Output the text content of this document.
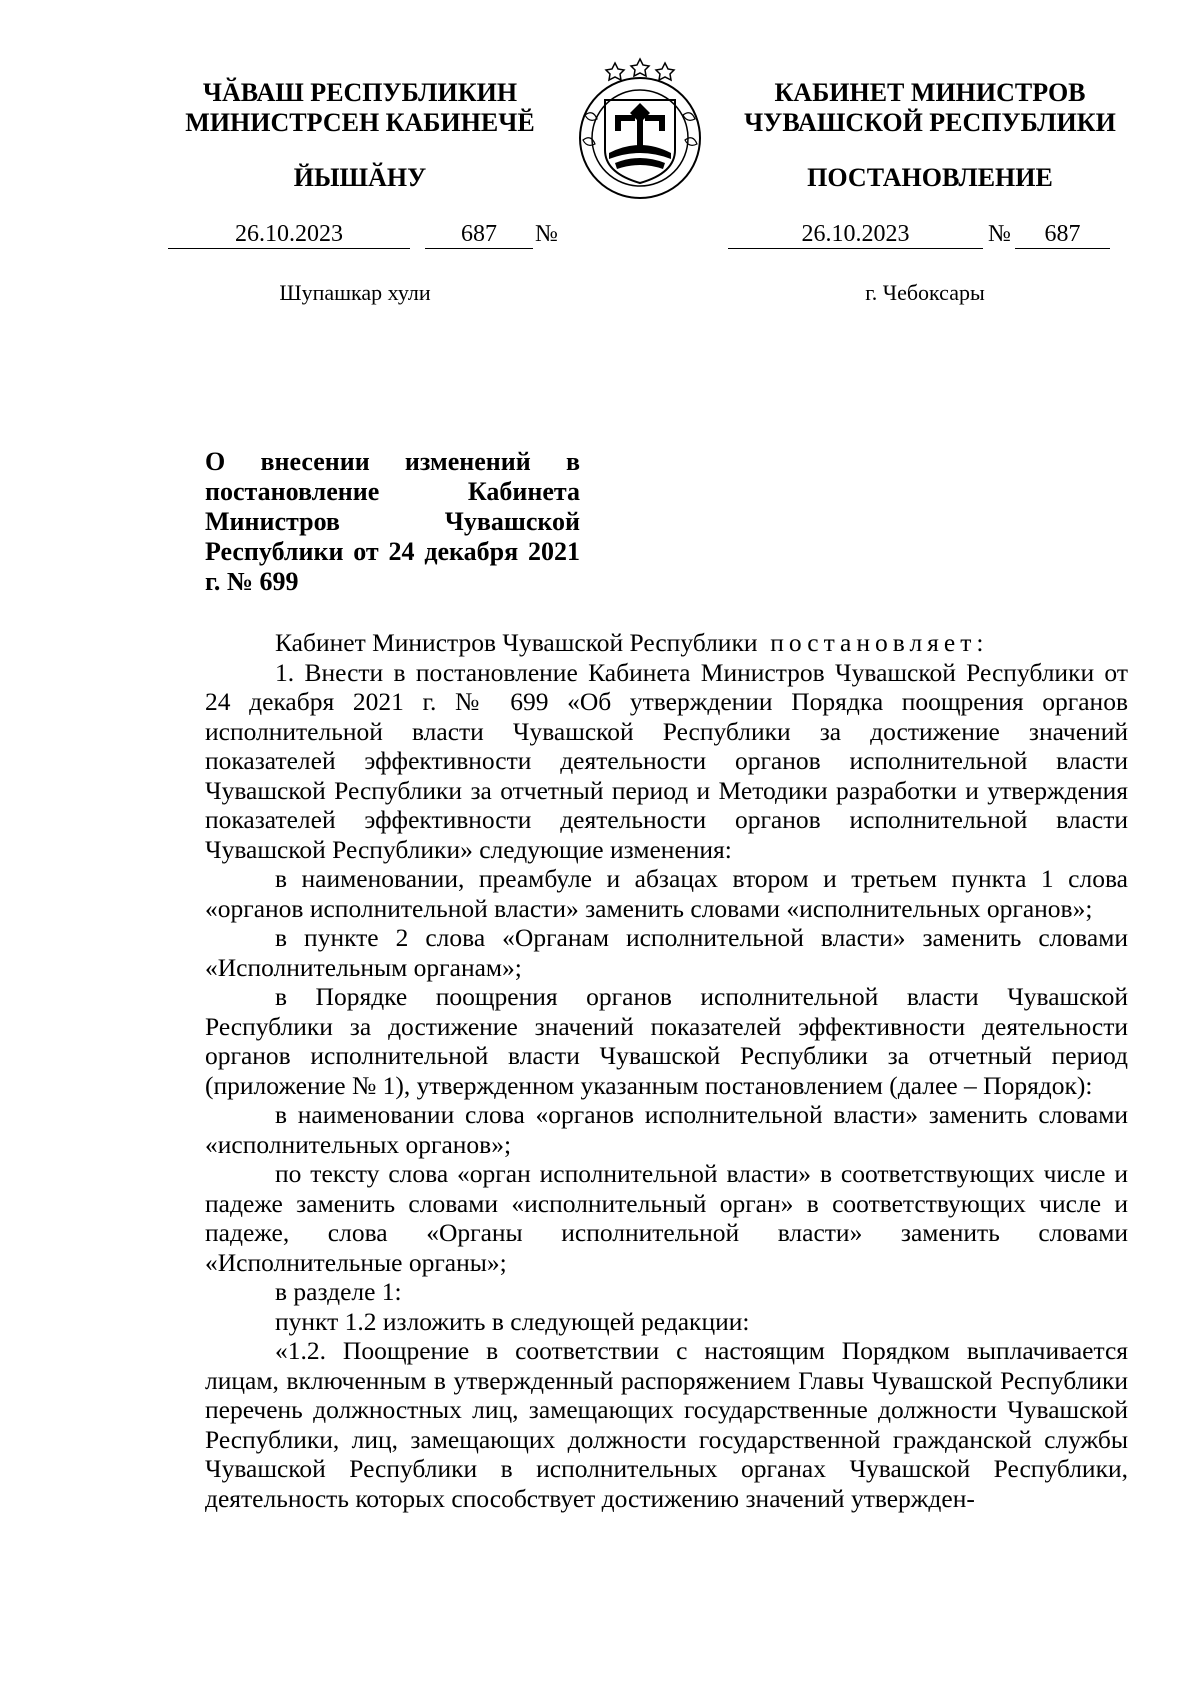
ЧӐВАШ РЕСПУБЛИКИН
МИНИСТРСЕН КАБИНЕЧӖ
ЙЫШӐНУ
КАБИНЕТ МИНИСТРОВ
ЧУВАШСКОЙ РЕСПУБЛИКИ
ПОСТАНОВЛЕНИЕ
26.10.2023	687	№	26.10.2023	№	687
Шупашкар хули	г. Чебоксары
О внесении изменений в постановление Кабинета Министров Чувашской Республики от 24 декабря 2021 г. № 699

Кабинет Министров Чувашской Республики постановляет:

1. Внести в постановление Кабинета Министров Чувашской Республики от 24 декабря 2021 г. № 699 «Об утверждении Порядка поощрения органов исполнительной власти Чувашской Республики за достижение значений показателей эффективности деятельности органов исполнительной власти Чувашской Республики за отчетный период и Методики разработки и утверждения показателей эффективности деятельности органов исполнительной власти Чувашской Республики» следующие изменения:

в наименовании, преамбуле и абзацах втором и третьем пункта 1 слова «органов исполнительной власти» заменить словами «исполнительных органов»;

в пункте 2 слова «Органам исполнительной власти» заменить словами «Исполнительным органам»;

в Порядке поощрения органов исполнительной власти Чувашской Республики за достижение значений показателей эффективности деятельности органов исполнительной власти Чувашской Республики за отчетный период (приложение № 1), утвержденном указанным постановлением (далее – Порядок):

в наименовании слова «органов исполнительной власти» заменить словами «исполнительных органов»;

по тексту слова «орган исполнительной власти» в соответствующих числе и падеже заменить словами «исполнительный орган» в соответствующих числе и падеже, слова «Органы исполнительной власти» заменить словами «Исполнительные органы»;

в разделе 1:

пункт 1.2 изложить в следующей редакции:

«1.2. Поощрение в соответствии с настоящим Порядком выплачивается лицам, включенным в утвержденный распоряжением Главы Чувашской Республики перечень должностных лиц, замещающих государственные должности Чувашской Республики, лиц, замещающих должности государственной гражданской службы Чувашской Республики в исполнительных органах Чувашской Республики, деятельность которых способствует достижению значений утвержден-
